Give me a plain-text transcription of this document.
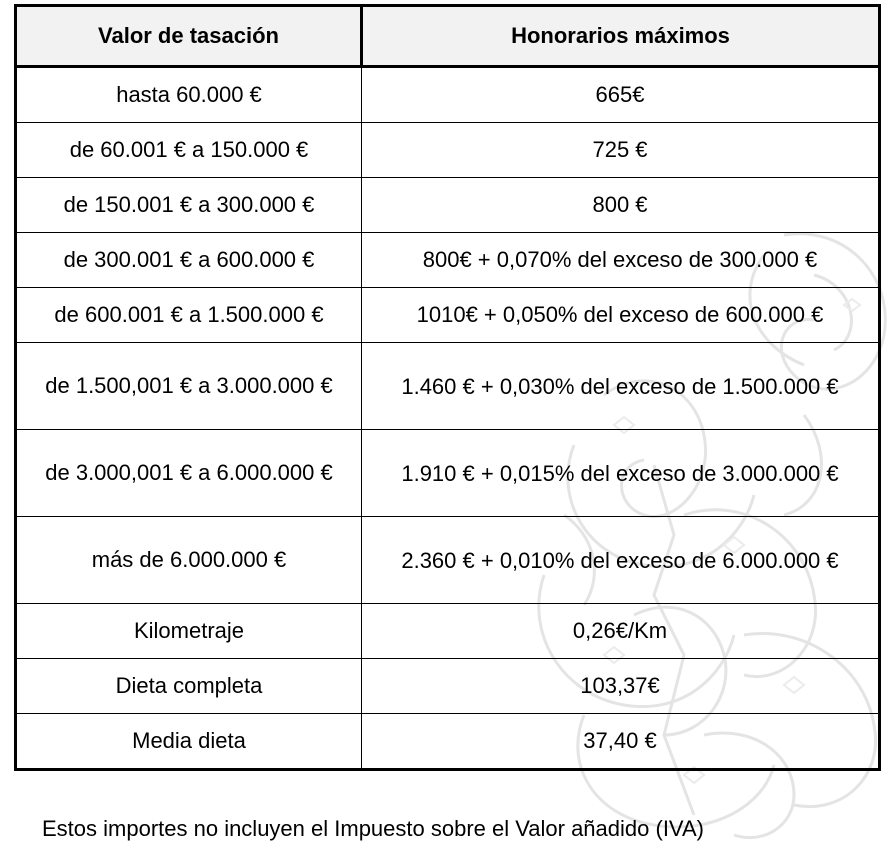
Valor de tasación	Honorarios máximos
hasta 60.000 €	665€
de 60.001 € a 150.000 €	725 €
de 150.001 € a 300.000 €	800 €
de 300.001 € a 600.000 €	800€ + 0,070% del exceso de 300.000 €
de 600.001 € a 1.500.000 €	1010€ + 0,050% del exceso de 600.000 €
de 1.500,001 € a 3.000.000 €	1.460 € + 0,030% del exceso de 1.500.000 €
de 3.000,001 € a 6.000.000 €	1.910 € + 0,015% del exceso de 3.000.000 €
más de 6.000.000 €	2.360 € + 0,010% del exceso de 6.000.000 €
Kilometraje	0,26€/Km
Dieta completa	103,37€
Media dieta	37,40 €
Estos importes no incluyen el Impuesto sobre el Valor añadido (IVA)
